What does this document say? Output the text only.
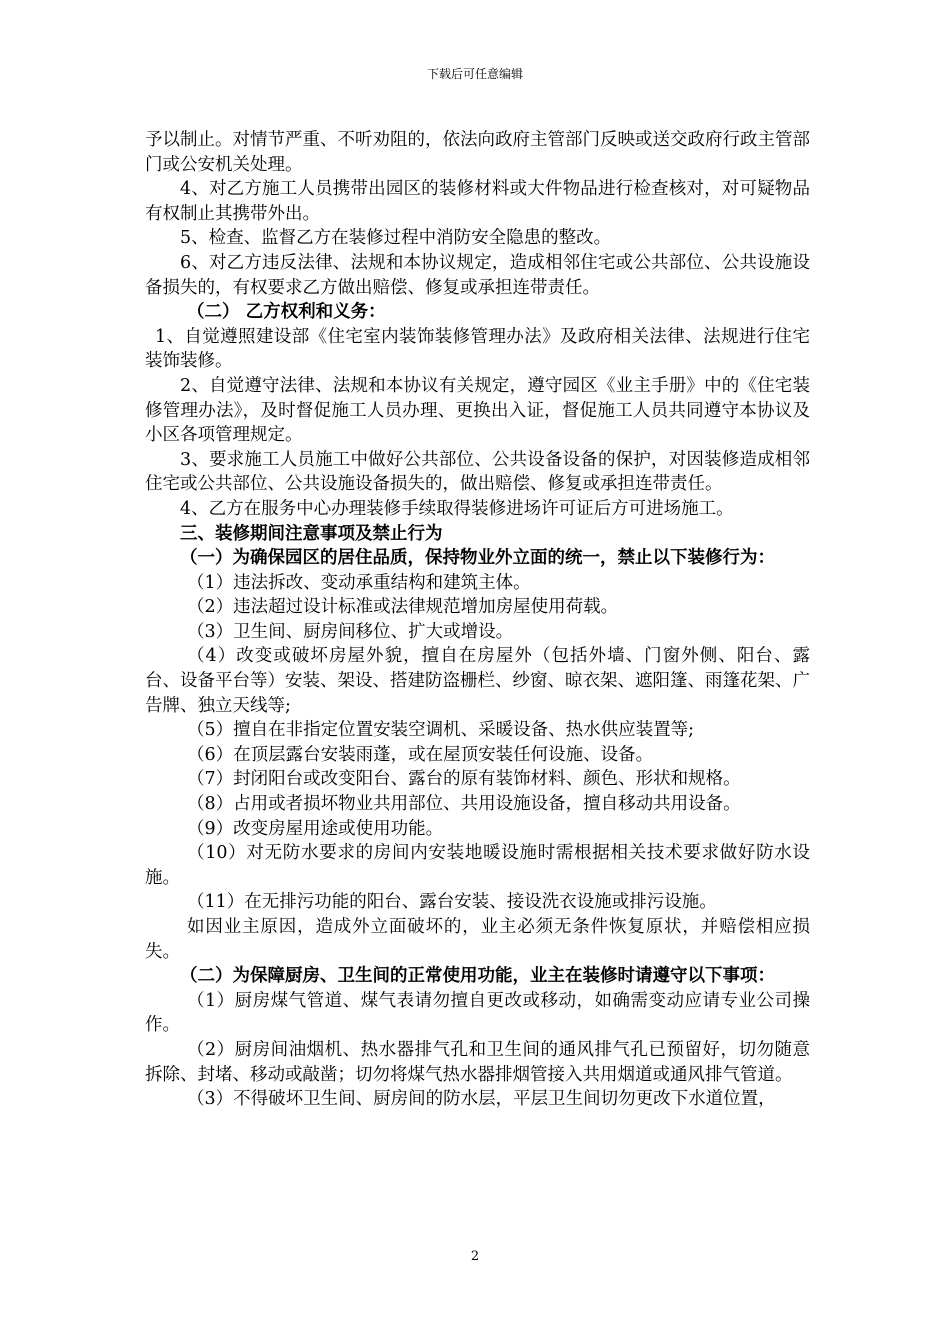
下载后可任意编辑

予以制止。对情节严重、不听劝阻的，依法向政府主管部门反映或送交政府行政主管部门或公安机关处理。

4、对乙方施工人员携带出园区的装修材料或大件物品进行检查核对，对可疑物品有权制止其携带外出。

5、检查、监督乙方在装修过程中消防安全隐患的整改。

6、对乙方违反法律、法规和本协议规定，造成相邻住宅或公共部位、公共设施设备损失的，有权要求乙方做出赔偿、修复或承担连带责任。

（二） 乙方权利和义务：

1、自觉遵照建设部《住宅室内装饰装修管理办法》及政府相关法律、法规进行住宅装饰装修。

2、自觉遵守法律、法规和本协议有关规定，遵守园区《业主手册》中的《住宅装修管理办法》，及时督促施工人员办理、更换出入证，督促施工人员共同遵守本协议及小区各项管理规定。

3、要求施工人员施工中做好公共部位、公共设备设备的保护，对因装修造成相邻住宅或公共部位、公共设施设备损失的，做出赔偿、修复或承担连带责任。

4、乙方在服务中心办理装修手续取得装修进场许可证后方可进场施工。

三、装修期间注意事项及禁止行为

（一）为确保园区的居住品质，保持物业外立面的统一，禁止以下装修行为：

（1）违法拆改、变动承重结构和建筑主体。

（2）违法超过设计标准或法律规范增加房屋使用荷载。

（3）卫生间、厨房间移位、扩大或增设。

（4）改变或破坏房屋外貌，擅自在房屋外（包括外墙、门窗外侧、阳台、露台、设备平台等）安装、架设、搭建防盗栅栏、纱窗、晾衣架、遮阳篷、雨篷花架、广告牌、独立天线等;

（5）擅自在非指定位置安装空调机、采暖设备、热水供应装置等;

（6）在顶层露台安装雨蓬，或在屋顶安装任何设施、设备。

（7）封闭阳台或改变阳台、露台的原有装饰材料、颜色、形状和规格。

（8）占用或者损坏物业共用部位、共用设施设备，擅自移动共用设备。

（9）改变房屋用途或使用功能。

（10）对无防水要求的房间内安装地暖设施时需根据相关技术要求做好防水设施。

（11）在无排污功能的阳台、露台安装、接设洗衣设施或排污设施。

如因业主原因，造成外立面破坏的，业主必须无条件恢复原状，并赔偿相应损失。

（二）为保障厨房、卫生间的正常使用功能，业主在装修时请遵守以下事项：

（1）厨房煤气管道、煤气表请勿擅自更改或移动，如确需变动应请专业公司操作。

（2）厨房间油烟机、热水器排气孔和卫生间的通风排气孔已预留好，切勿随意拆除、封堵、移动或敲凿；切勿将煤气热水器排烟管接入共用烟道或通风排气管道。

（3）不得破坏卫生间、厨房间的防水层，平层卫生间切勿更改下水道位置，

2
